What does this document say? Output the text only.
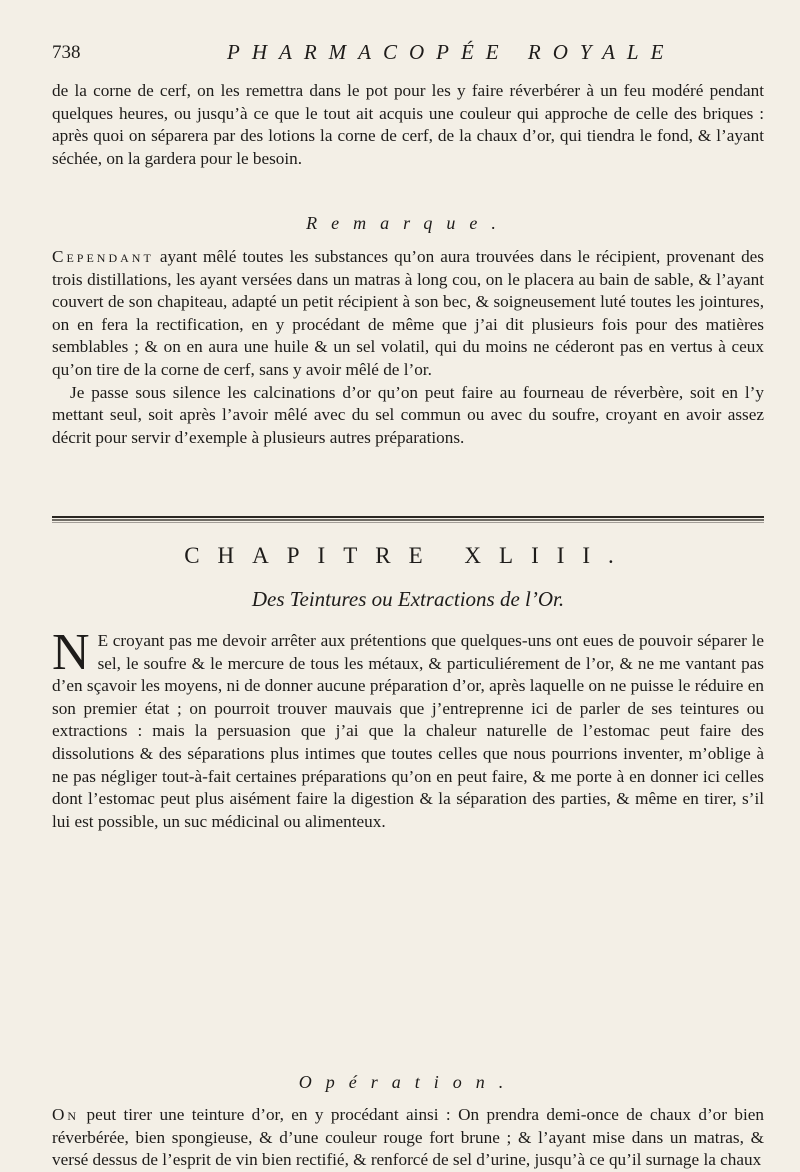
738	PHARMACOPÉE ROYALE

de la corne de cerf, on les remettra dans le pot pour les y faire réverbérer à un feu modéré pendant quelques heures, ou jusqu’à ce que le tout ait acquis une couleur qui approche de celle des briques : après quoi on séparera par des lotions la corne de cerf, de la chaux d’or, qui tiendra le fond, & l’ayant séchée, on la gardera pour le besoin.

Remarque.

Cependant ayant mêlé toutes les substances qu’on aura trouvées dans le récipient, provenant des trois distillations, les ayant versées dans un matras à long cou, on le placera au bain de sable, & l’ayant couvert de son chapiteau, adapté un petit récipient à son bec, & soigneusement luté toutes les jointures, on en fera la rectification, en y procédant de même que j’ai dit plusieurs fois pour des matières semblables ; & on en aura une huile & un sel volatil, qui du moins ne céderont pas en vertus à ceux qu’on tire de la corne de cerf, sans y avoir mêlé de l’or.

Je passe sous silence les calcinations d’or qu’on peut faire au fourneau de réverbère, soit en l’y mettant seul, soit après l’avoir mêlé avec du sel commun ou avec du soufre, croyant en avoir assez décrit pour servir d’exemple à plusieurs autres préparations.

CHAPITRE XLIII.
Des Teintures ou Extractions de l’Or.

N E croyant pas me devoir arrêter aux prétentions que quelques-uns ont eues de pouvoir séparer le sel, le soufre & le mercure de tous les métaux, & particuliérement de l’or, & ne me vantant pas d’en sçavoir les moyens, ni de donner aucune préparation d’or, après laquelle on ne puisse le réduire en son premier état ; on pourroit trouver mauvais que j’entreprenne ici de parler de ses teintures ou extractions : mais la persuasion que j’ai que la chaleur naturelle de l’estomac peut faire des dissolutions & des séparations plus intimes que toutes celles que nous pourrions inventer, m’oblige à ne pas négliger tout-à-fait certaines préparations qu’on en peut faire, & me porte à en donner ici celles dont l’estomac peut plus aisément faire la digestion & la séparation des parties, & même en tirer, s’il lui est possible, un suc médicinal ou alimenteux.

Opération.

On peut tirer une teinture d’or, en y procédant ainsi : On prendra demi-once de chaux d’or bien réverbérée, bien spongieuse, & d’une couleur rouge fort brune ; & l’ayant mise dans un matras, & versé dessus de l’esprit de vin bien rectifié, & renforcé de sel d’urine, jusqu’à ce qu’il surnage la chaux
